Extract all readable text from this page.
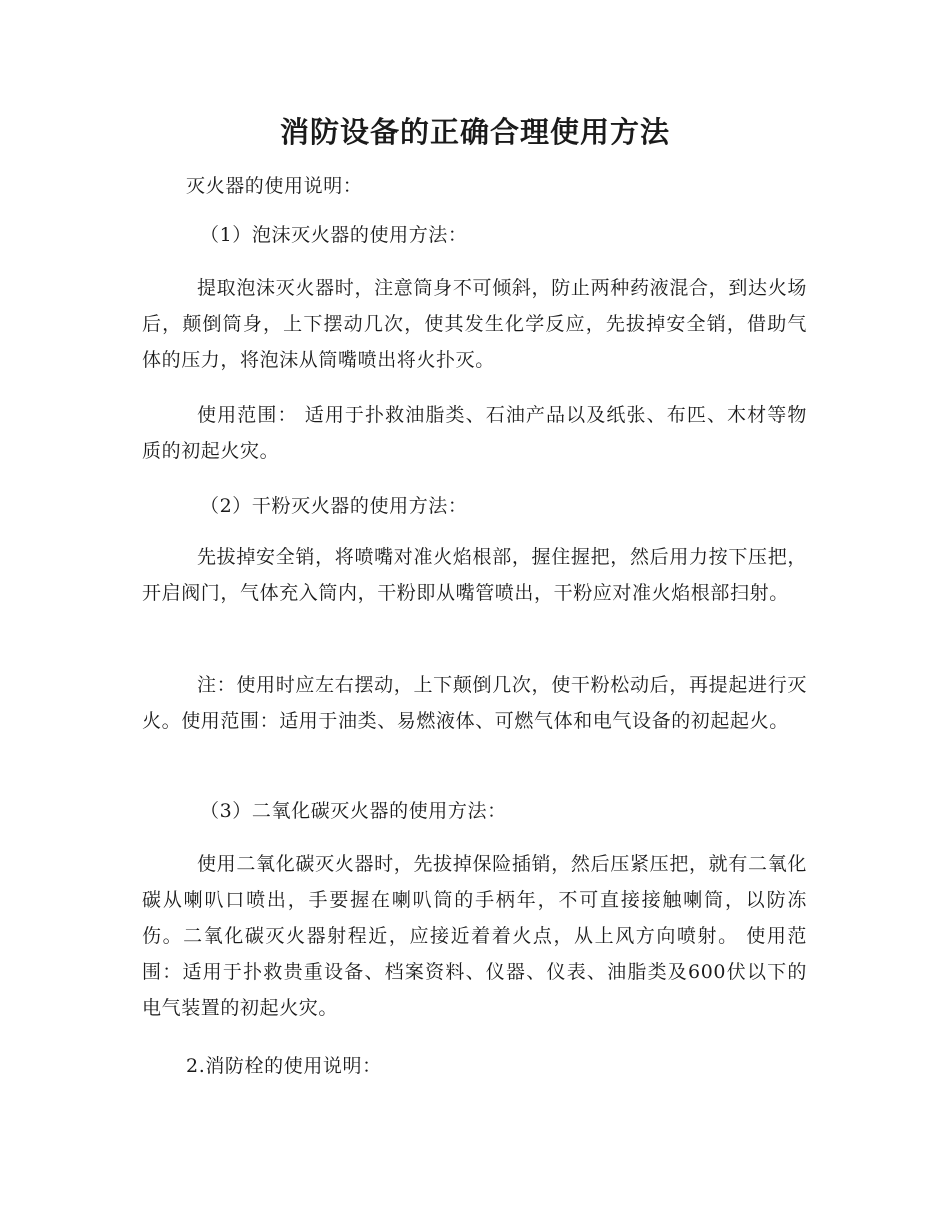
消防设备的正确合理使用方法

灭火器的使用说明：

（1）泡沫灭火器的使用方法：

提取泡沫灭火器时，注意筒身不可倾斜，防止两种药液混合，到达火场后，颠倒筒身，上下摆动几次，使其发生化学反应，先拔掉安全销，借助气体的压力，将泡沫从筒嘴喷出将火扑灭。

使用范围： 适用于扑救油脂类、石油产品以及纸张、布匹、木材等物质的初起火灾。

（2）干粉灭火器的使用方法：

先拔掉安全销，将喷嘴对准火焰根部，握住握把，然后用力按下压把，开启阀门，气体充入筒内，干粉即从嘴管喷出，干粉应对准火焰根部扫射。

注：使用时应左右摆动，上下颠倒几次，使干粉松动后，再提起进行灭火。使用范围：适用于油类、易燃液体、可燃气体和电气设备的初起起火。

（3）二氧化碳灭火器的使用方法：

使用二氧化碳灭火器时，先拔掉保险插销，然后压紧压把，就有二氧化碳从喇叭口喷出，手要握在喇叭筒的手柄年，不可直接接触喇筒，以防冻伤。二氧化碳灭火器射程近，应接近着着火点，从上风方向喷射。 使用范围：适用于扑救贵重设备、档案资料、仪器、仪表、油脂类及600伏以下的电气装置的初起火灾。

2.消防栓的使用说明：
